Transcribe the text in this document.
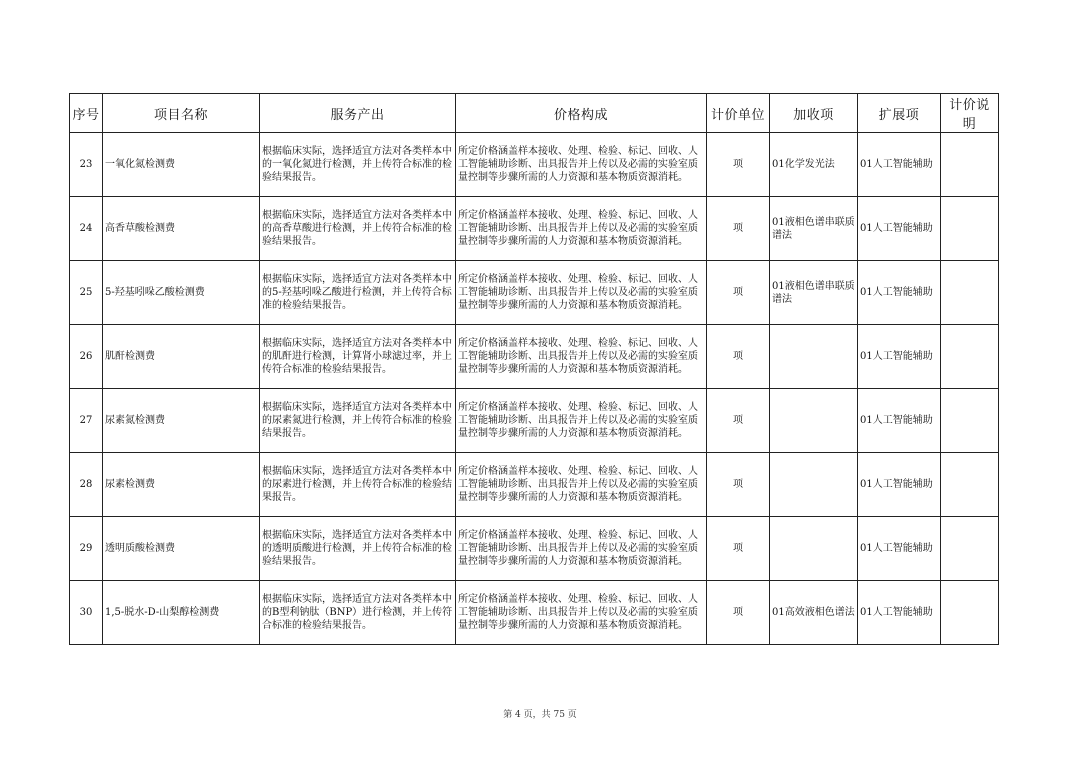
序号	项目名称	服务产出	价格构成	计价单位	加收项	扩展项	计价说明
23	一氧化氮检测费	根据临床实际，选择适宜方法对各类样本中的一氧化氮进行检测，并上传符合标准的检验结果报告。	所定价格涵盖样本接收、处理、检验、标记、回收、人工智能辅助诊断、出具报告并上传以及必需的实验室质量控制等步骤所需的人力资源和基本物质资源消耗。	项	01化学发光法	01人工智能辅助	
24	高香草酸检测费	根据临床实际，选择适宜方法对各类样本中的高香草酸进行检测，并上传符合标准的检验结果报告。	所定价格涵盖样本接收、处理、检验、标记、回收、人工智能辅助诊断、出具报告并上传以及必需的实验室质量控制等步骤所需的人力资源和基本物质资源消耗。	项	01液相色谱串联质谱法	01人工智能辅助	
25	5-羟基吲哚乙酸检测费	根据临床实际，选择适宜方法对各类样本中的5-羟基吲哚乙酸进行检测，并上传符合标准的检验结果报告。	所定价格涵盖样本接收、处理、检验、标记、回收、人工智能辅助诊断、出具报告并上传以及必需的实验室质量控制等步骤所需的人力资源和基本物质资源消耗。	项	01液相色谱串联质谱法	01人工智能辅助	
26	肌酐检测费	根据临床实际，选择适宜方法对各类样本中的肌酐进行检测，计算肾小球滤过率，并上传符合标准的检验结果报告。	所定价格涵盖样本接收、处理、检验、标记、回收、人工智能辅助诊断、出具报告并上传以及必需的实验室质量控制等步骤所需的人力资源和基本物质资源消耗。	项		01人工智能辅助	
27	尿素氮检测费	根据临床实际，选择适宜方法对各类样本中的尿素氮进行检测，并上传符合标准的检验结果报告。	所定价格涵盖样本接收、处理、检验、标记、回收、人工智能辅助诊断、出具报告并上传以及必需的实验室质量控制等步骤所需的人力资源和基本物质资源消耗。	项		01人工智能辅助	
28	尿素检测费	根据临床实际，选择适宜方法对各类样本中的尿素进行检测，并上传符合标准的检验结果报告。	所定价格涵盖样本接收、处理、检验、标记、回收、人工智能辅助诊断、出具报告并上传以及必需的实验室质量控制等步骤所需的人力资源和基本物质资源消耗。	项		01人工智能辅助	
29	透明质酸检测费	根据临床实际，选择适宜方法对各类样本中的透明质酸进行检测，并上传符合标准的检验结果报告。	所定价格涵盖样本接收、处理、检验、标记、回收、人工智能辅助诊断、出具报告并上传以及必需的实验室质量控制等步骤所需的人力资源和基本物质资源消耗。	项		01人工智能辅助	
30	1,5-脱水-D-山梨醇检测费	根据临床实际，选择适宜方法对各类样本中的B型利钠肽（BNP）进行检测，并上传符合标准的检验结果报告。	所定价格涵盖样本接收、处理、检验、标记、回收、人工智能辅助诊断、出具报告并上传以及必需的实验室质量控制等步骤所需的人力资源和基本物质资源消耗。	项	01高效液相色谱法	01人工智能辅助	
第 4 页，共 75 页
